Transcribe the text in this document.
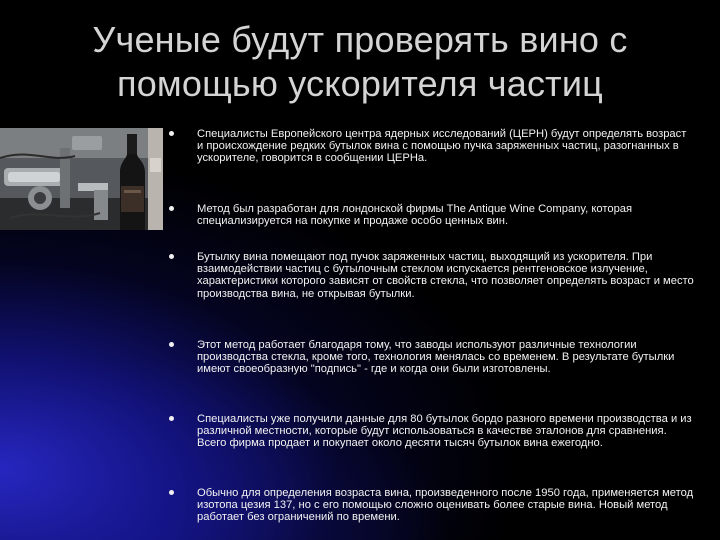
Ученые будут проверять вино с помощью ускорителя частиц

Специалисты Европейского центра ядерных исследований (ЦЕРН) будут определять возраст и происхождение редких бутылок вина с помощью пучка заряженных частиц, разогнанных в ускорителе, говорится в сообщении ЦЕРНа.

Метод был разработан для лондонской фирмы The Antique Wine Company, которая специализируется на покупке и продаже особо ценных вин.

Бутылку вина помещают под пучок заряженных частиц, выходящий из ускорителя. При взаимодействии частиц с бутылочным стеклом испускается рентгеновское излучение, характеристики которого зависят от свойств стекла, что позволяет определять возраст и место производства вина, не открывая бутылки.

Этот метод работает благодаря тому, что заводы используют различные технологии производства стекла, кроме того, технология менялась со временем. В результате бутылки имеют своеобразную "подпись" - где и когда они были изготовлены.

Специалисты уже получили данные для 80 бутылок бордо разного времени производства и из различной местности, которые будут использоваться в качестве эталонов для сравнения. Всего фирма продает и покупает около десяти тысяч бутылок вина ежегодно.

Обычно для определения возраста вина, произведенного после 1950 года, применяется метод изотопа цезия 137, но с его помощью сложно оценивать более старые вина. Новый метод работает без ограничений по времени.
